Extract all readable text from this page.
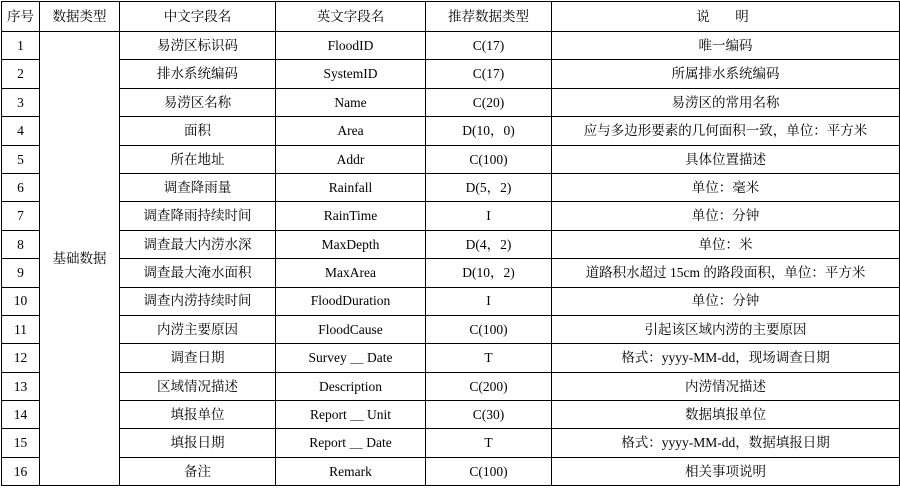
序号	数据类型	中文字段名	英文字段名	推荐数据类型	说　明
1	基础数据	易涝区标识码	FloodID	C(17)	唯一编码
2		排水系统编码	SystemID	C(17)	所属排水系统编码
3		易涝区名称	Name	C(20)	易涝区的常用名称
4		面积	Area	D(10，0)	应与多边形要素的几何面积一致，单位：平方米
5		所在地址	Addr	C(100)	具体位置描述
6		调查降雨量	Rainfall	D(5，2)	单位：毫米
7		调查降雨持续时间	RainTime	I	单位：分钟
8		调查最大内涝水深	MaxDepth	D(4，2)	单位：米
9		调查最大淹水面积	MaxArea	D(10，2)	道路积水超过 15cm 的路段面积，单位：平方米
10		调查内涝持续时间	FloodDuration	I	单位：分钟
11		内涝主要原因	FloodCause	C(100)	引起该区域内涝的主要原因
12		调查日期	Survey ＿ Date	T	格式：yyyy-MM-dd，现场调查日期
13		区域情况描述	Description	C(200)	内涝情况描述
14		填报单位	Report ＿ Unit	C(30)	数据填报单位
15		填报日期	Report ＿ Date	T	格式：yyyy-MM-dd，数据填报日期
16		备注	Remark	C(100)	相关事项说明
